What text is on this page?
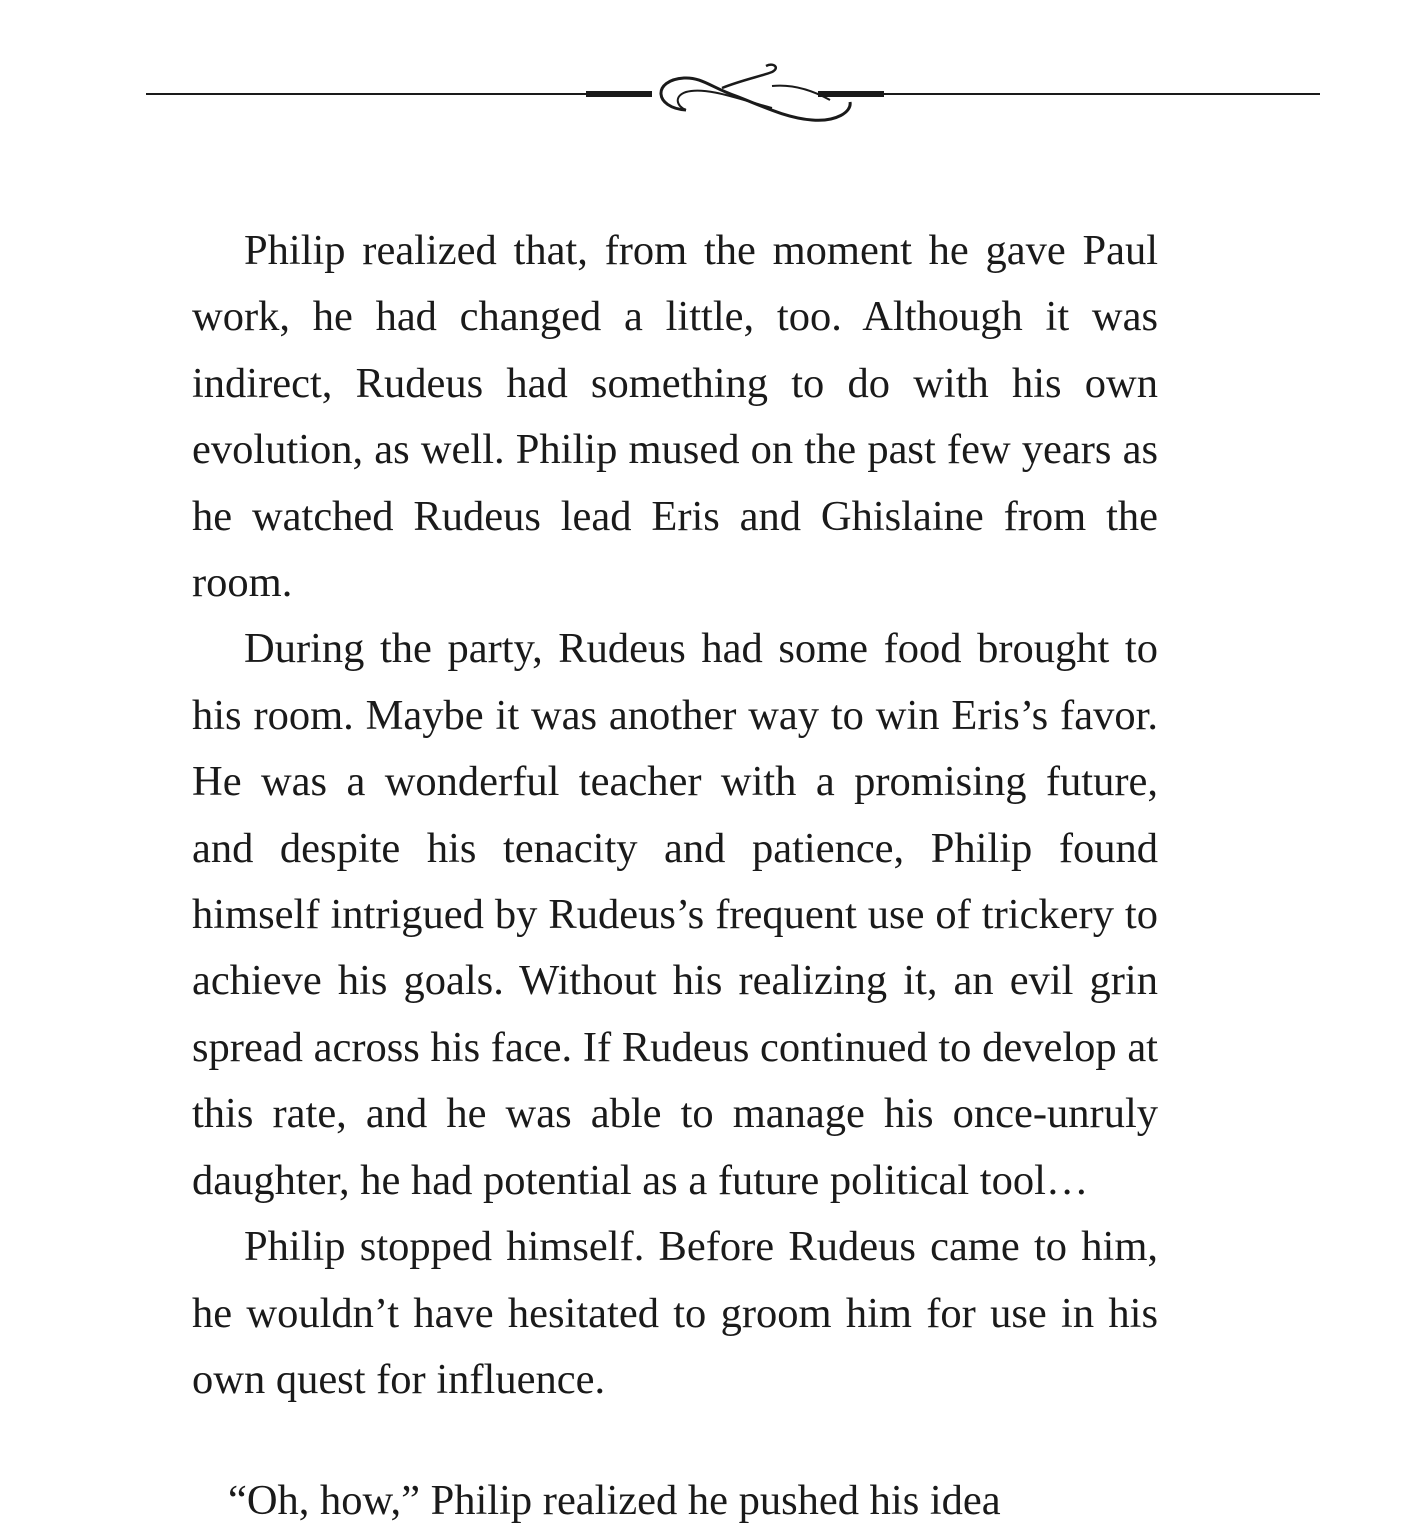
Philip realized that, from the moment he gave Paul work, he had changed a little, too. Although it was indirect, Rudeus had something to do with his own evolution, as well. Philip mused on the past few years as he watched Rudeus lead Eris and Ghislaine from the room.

During the party, Rudeus had some food brought to his room. Maybe it was another way to win Eris’s favor. He was a wonderful teacher with a promising future, and despite his tenacity and patience, Philip found himself intrigued by Rudeus’s frequent use of trickery to achieve his goals. Without his realizing it, an evil grin spread across his face. If Rudeus continued to develop at this rate, and he was able to manage his once-unruly daughter, he had potential as a future political tool…

Philip stopped himself. Before Rudeus came to him, he wouldn’t have hesitated to groom him for use in his own quest for influence.

“Oh, how,” Philip realized he pushed his idea
